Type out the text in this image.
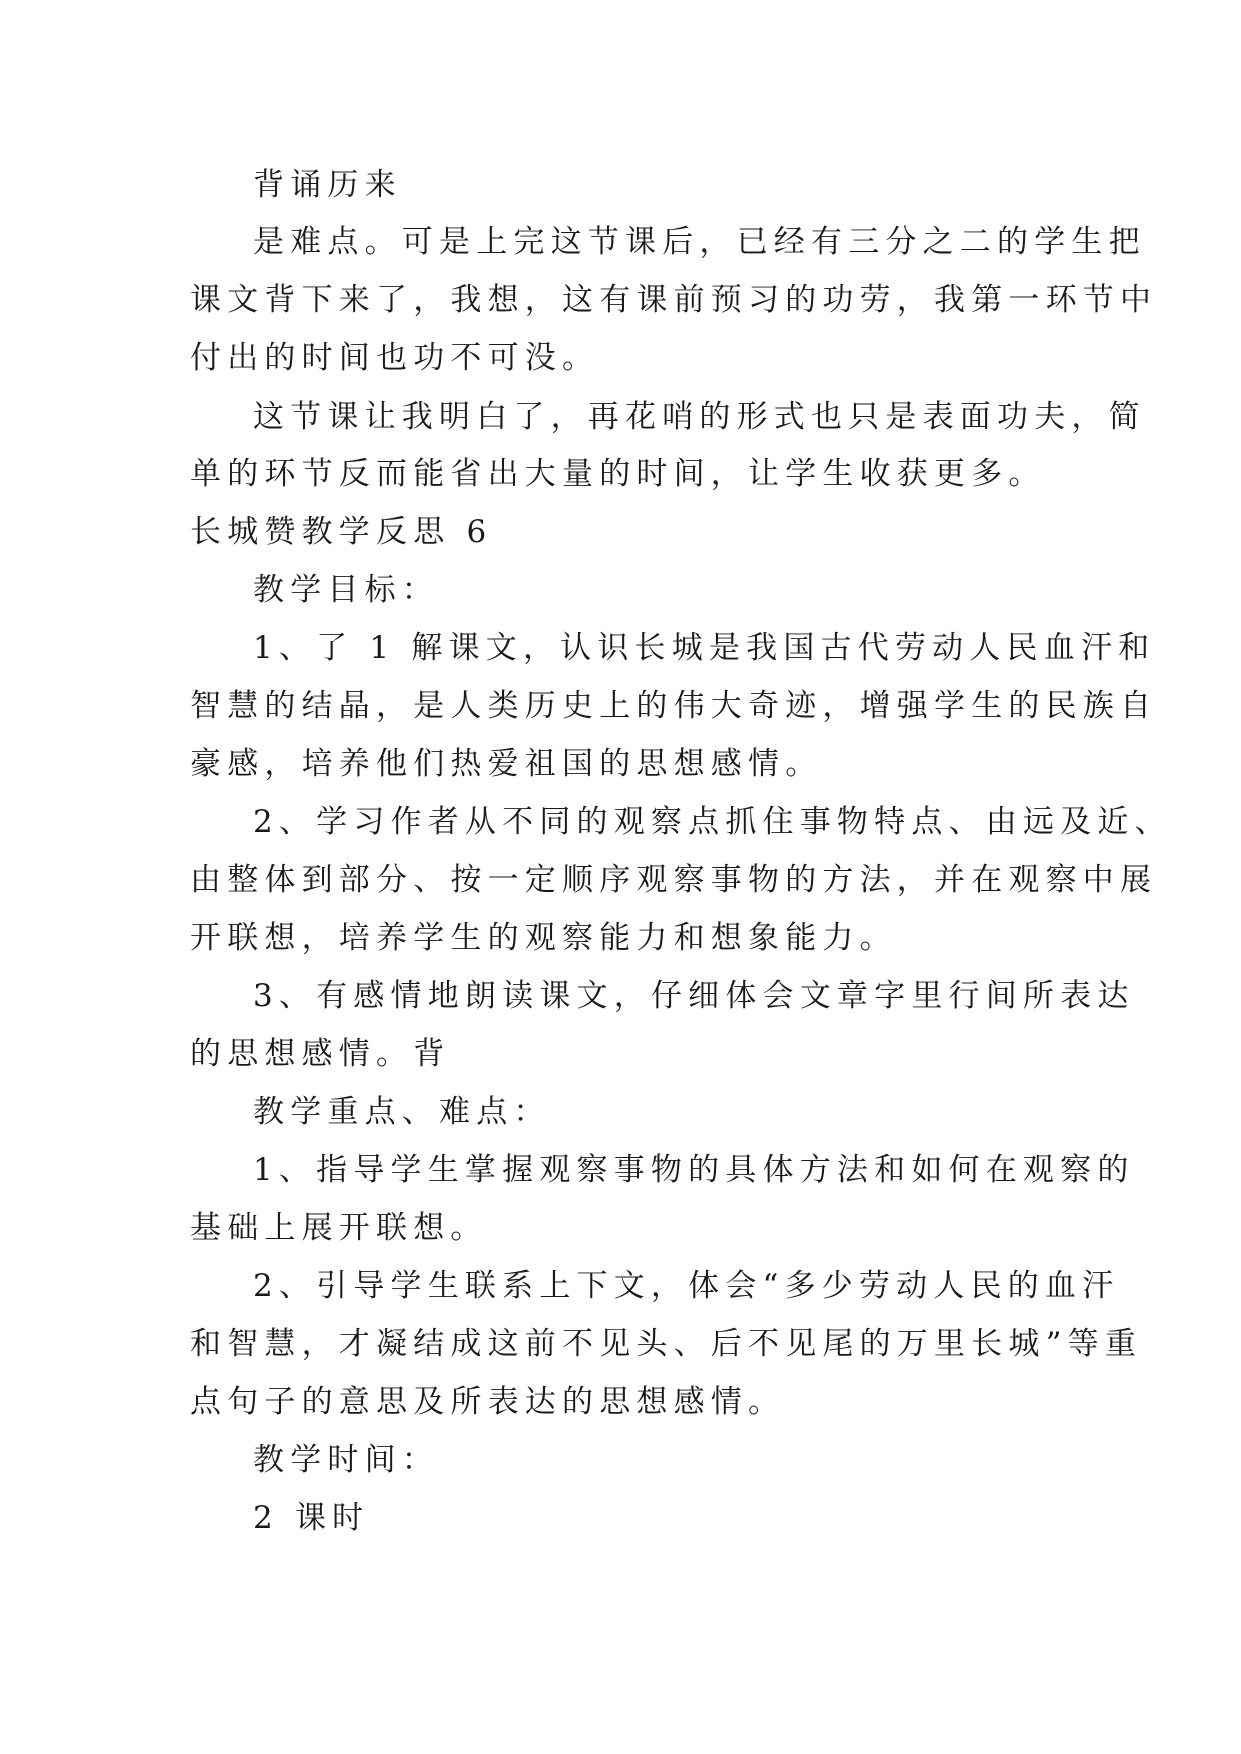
背诵历来
是难点。可是上完这节课后，已经有三分之二的学生把
课文背下来了，我想，这有课前预习的功劳，我第一环节中
付出的时间也功不可没。
这节课让我明白了，再花哨的形式也只是表面功夫，简
单的环节反而能省出大量的时间，让学生收获更多。
长城赞教学反思 6
教学目标：
1、了 1 解课文，认识长城是我国古代劳动人民血汗和
智慧的结晶，是人类历史上的伟大奇迹，增强学生的民族自
豪感，培养他们热爱祖国的思想感情。
2、学习作者从不同的观察点抓住事物特点、由远及近、
由整体到部分、按一定顺序观察事物的方法，并在观察中展
开联想，培养学生的观察能力和想象能力。
3、有感情地朗读课文，仔细体会文章字里行间所表达
的思想感情。背
教学重点、难点：
1、指导学生掌握观察事物的具体方法和如何在观察的
基础上展开联想。
2、引导学生联系上下文，体会“多少劳动人民的血汗
和智慧，才凝结成这前不见头、后不见尾的万里长城”等重
点句子的意思及所表达的思想感情。
教学时间：
2 课时
